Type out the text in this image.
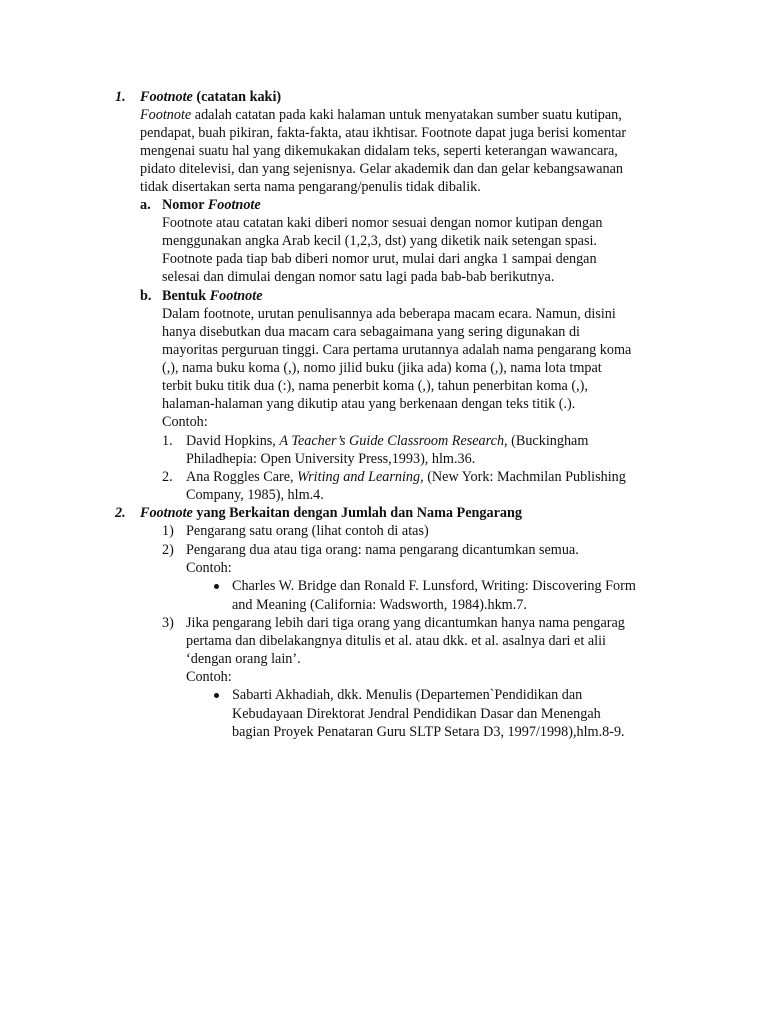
1. Footnote (catatan kaki)
Footnote adalah catatan pada kaki halaman untuk menyatakan sumber suatu kutipan,
pendapat, buah pikiran, fakta-fakta, atau ikhtisar. Footnote dapat juga berisi komentar
mengenai suatu hal yang dikemukakan didalam teks, seperti keterangan wawancara,
pidato ditelevisi, dan yang sejenisnya. Gelar akademik dan dan gelar kebangsawanan
tidak disertakan serta nama pengarang/penulis tidak dibalik.
a. Nomor Footnote
Footnote atau catatan kaki diberi nomor sesuai dengan nomor kutipan dengan
menggunakan angka Arab kecil (1,2,3, dst) yang diketik naik setengan spasi.
Footnote pada tiap bab diberi nomor urut, mulai dari angka 1 sampai dengan
selesai dan dimulai dengan nomor satu lagi pada bab-bab berikutnya.
b. Bentuk Footnote
Dalam footnote, urutan penulisannya ada beberapa macam ecara. Namun, disini
hanya disebutkan dua macam cara sebagaimana yang sering digunakan di
mayoritas perguruan tinggi. Cara pertama urutannya adalah nama pengarang koma
(,), nama buku koma (,), nomo jilid buku (jika ada) koma (,), nama lota tmpat
terbit buku titik dua (:), nama penerbit koma (,), tahun penerbitan koma (,),
halaman-halaman yang dikutip atau yang berkenaan dengan teks titik (.).
Contoh:
1. David Hopkins, A Teacher’s Guide Classroom Research, (Buckingham
Philadhepia: Open University Press,1993), hlm.36.
2. Ana Roggles Care, Writing and Learning, (New York: Machmilan Publishing
Company, 1985), hlm.4.
2. Footnote yang Berkaitan dengan Jumlah dan Nama Pengarang
1) Pengarang satu orang (lihat contoh di atas)
2) Pengarang dua atau tiga orang: nama pengarang dicantumkan semua.
Contoh:
Charles W. Bridge dan Ronald F. Lunsford, Writing: Discovering Form
and Meaning (California: Wadsworth, 1984).hkm.7.
3) Jika pengarang lebih dari tiga orang yang dicantumkan hanya nama pengarag
pertama dan dibelakangnya ditulis et al. atau dkk. et al. asalnya dari et alii
‘dengan orang lain’.
Contoh:
Sabarti Akhadiah, dkk. Menulis (Departemen`Pendidikan dan
Kebudayaan Direktorat Jendral Pendidikan Dasar dan Menengah
bagian Proyek Penataran Guru SLTP Setara D3, 1997/1998),hlm.8-9.
